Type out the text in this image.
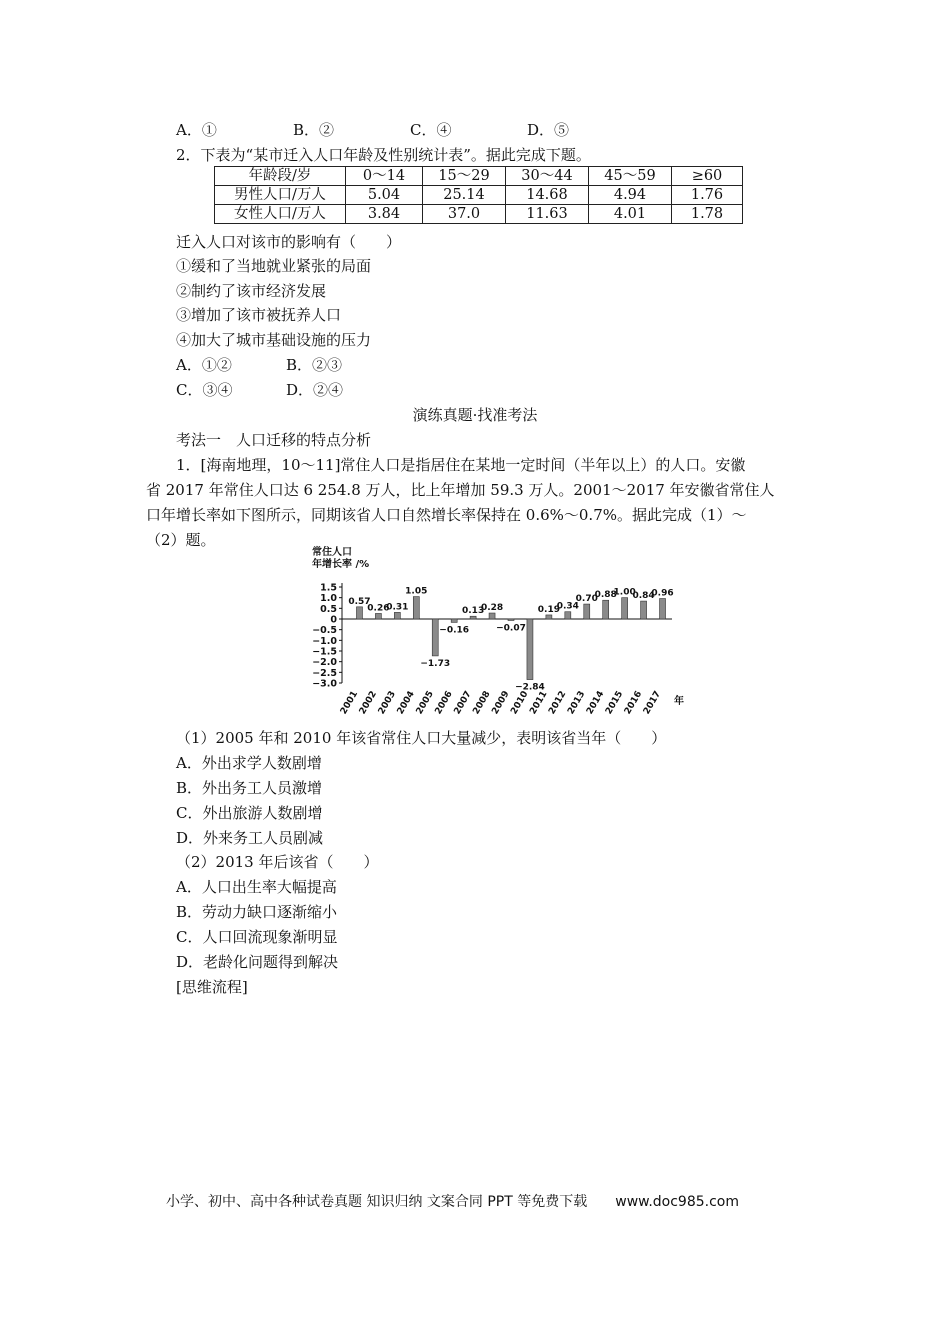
A．①	B．②	C．④	D．⑤
2．下表为“某市迁入人口年龄及性别统计表”。据此完成下题。
年龄段/岁	0～14	15～29	30～44	45～59	≥60
男性人口/万人	5.04	25.14	14.68	4.94	1.76
女性人口/万人	3.84	37.0	11.63	4.01	1.78
迁入人口对该市的影响有（　　）
①缓和了当地就业紧张的局面
②制约了该市经济发展
③增加了该市被抚养人口
④加大了城市基础设施的压力
A．①②	B．②③
C．③④	D．②④
演练真题·找准考法
考法一　人口迁移的特点分析
1．[海南地理，10～11]常住人口是指居住在某地一定时间（半年以上）的人口。安徽
省 2017 年常住人口达 6 254.8 万人，比上年增加 59.3 万人。2001～2017 年安徽省常住人
口年增长率如下图所示，同期该省人口自然增长率保持在 0.6%～0.7%。据此完成（1）～
（2）题。
常住人口
年增长率 /%
1.5
1.0
0.5
0
−0.5
−1.0
−1.5
−2.0
−2.5
−3.0
0.57
2001
0.26
2002
0.31
2003
1.05
2004
−1.73
2005
−0.16
2006
0.13
2007
0.28
2008
−0.07
2009
−2.84
2010
0.19
2011
0.34
2012
0.70
2013
0.88
2014
1.00
2015
0.84
2016
0.96
2017 年
（1）2005 年和 2010 年该省常住人口大量减少，表明该省当年（　　）
A．外出求学人数剧增
B．外出务工人员激增
C．外出旅游人数剧增
D．外来务工人员剧减
（2）2013 年后该省（　　）
A．人口出生率大幅提高
B．劳动力缺口逐渐缩小
C．人口回流现象渐明显
D．老龄化问题得到解决
[思维流程]
小学、初中、高中各种试卷真题 知识归纳 文案合同 PPT 等免费下载 www.doc985.com
